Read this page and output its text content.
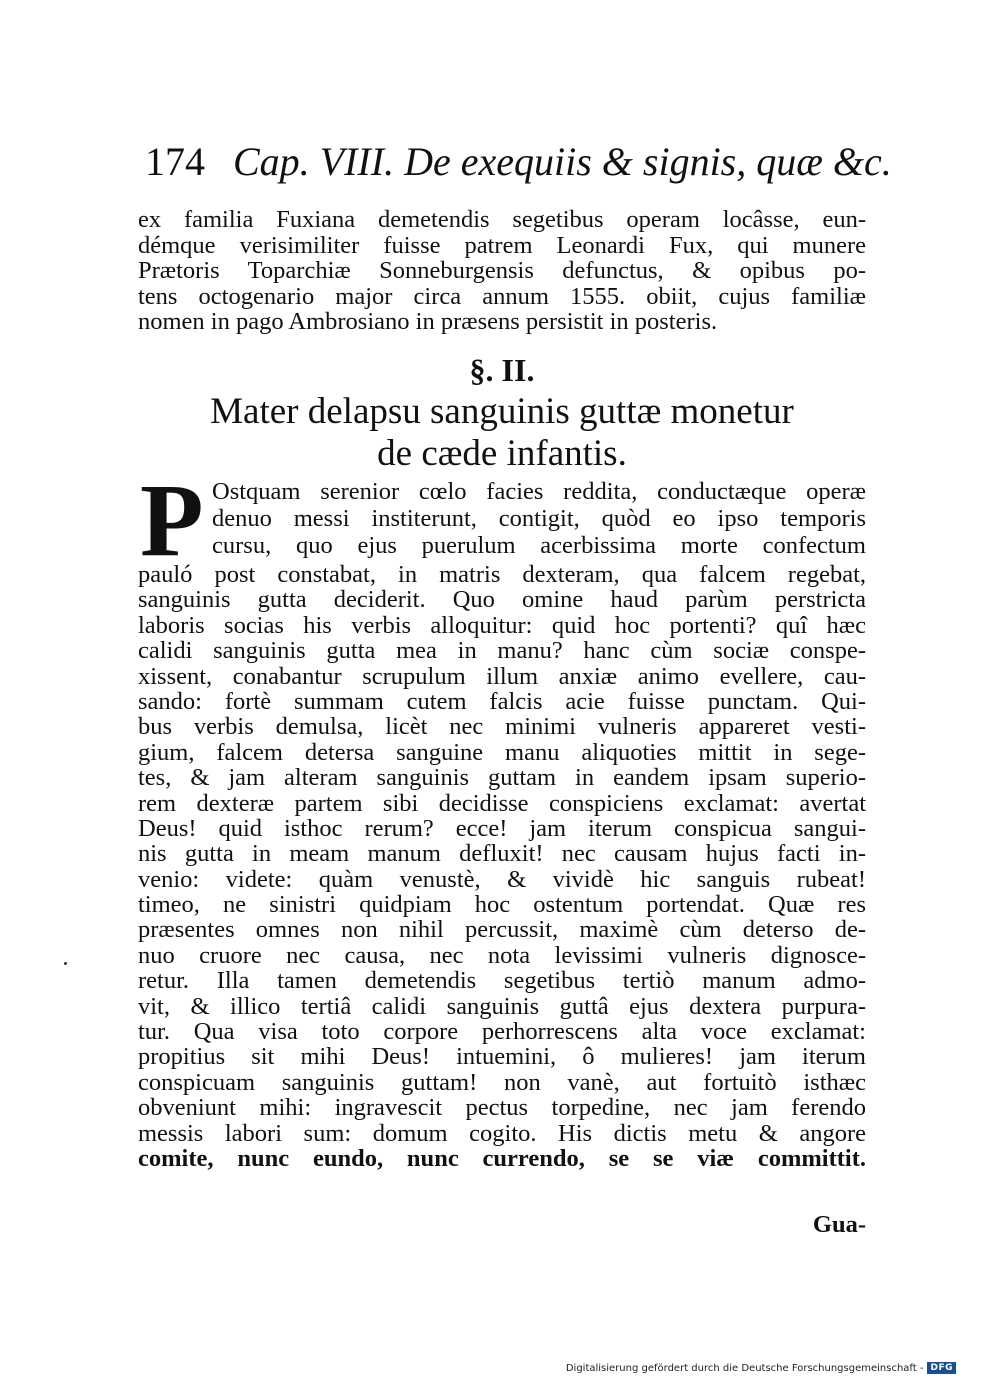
174 Cap. VIII. De exequiis & signis, quæ &c.
ex familia Fuxiana demetendis segetibus operam locâsse, eun-
démque verisimiliter fuisse patrem Leonardi Fux, qui munere
Prætoris Toparchiæ Sonneburgensis defunctus, & opibus po-
tens octogenario major circa annum 1555. obiit, cujus familiæ
nomen in pago Ambrosiano in præsens persistit in posteris.
§. II.
Mater delapsu sanguinis guttæ monetur
de cæde infantis.
P Ostquam serenior cœlo facies reddita, conductæque operæ
denuo messi institerunt, contigit, quòd eo ipso temporis
cursu, quo ejus puerulum acerbissima morte confectum
pauló post constabat, in matris dexteram, qua falcem regebat,
sanguinis gutta deciderit. Quo omine haud parùm perstricta
laboris socias his verbis alloquitur: quid hoc portenti? quî hæc
calidi sanguinis gutta mea in manu? hanc cùm sociæ conspe-
xissent, conabantur scrupulum illum anxiæ animo evellere, cau-
sando: fortè summam cutem falcis acie fuisse punctam. Qui-
bus verbis demulsa, licèt nec minimi vulneris appareret vesti-
gium, falcem detersa sanguine manu aliquoties mittit in sege-
tes, & jam alteram sanguinis guttam in eandem ipsam superio-
rem dexteræ partem sibi decidisse conspiciens exclamat: avertat
Deus! quid isthoc rerum? ecce! jam iterum conspicua sangui-
nis gutta in meam manum defluxit! nec causam hujus facti in-
venio: videte: quàm venustè, & vividè hic sanguis rubeat!
timeo, ne sinistri quidpiam hoc ostentum portendat. Quæ res
præsentes omnes non nihil percussit, maximè cùm deterso de-
nuo cruore nec causa, nec nota levissimi vulneris dignosce-
retur. Illa tamen demetendis segetibus tertiò manum admo-
vit, & illico tertiâ calidi sanguinis guttâ ejus dextera purpura-
tur. Qua visa toto corpore perhorrescens alta voce exclamat:
propitius sit mihi Deus! intuemini, ô mulieres! jam iterum
conspicuam sanguinis guttam! non vanè, aut fortuitò isthæc
obveniunt mihi: ingravescit pectus torpedine, nec jam ferendo
messis labori sum: domum cogito. His dictis metu & angore
comite, nunc eundo, nunc currendo, se se viæ committit.
Gua-
Digitalisierung gefördert durch die Deutsche Forschungsgemeinschaft - DFG
